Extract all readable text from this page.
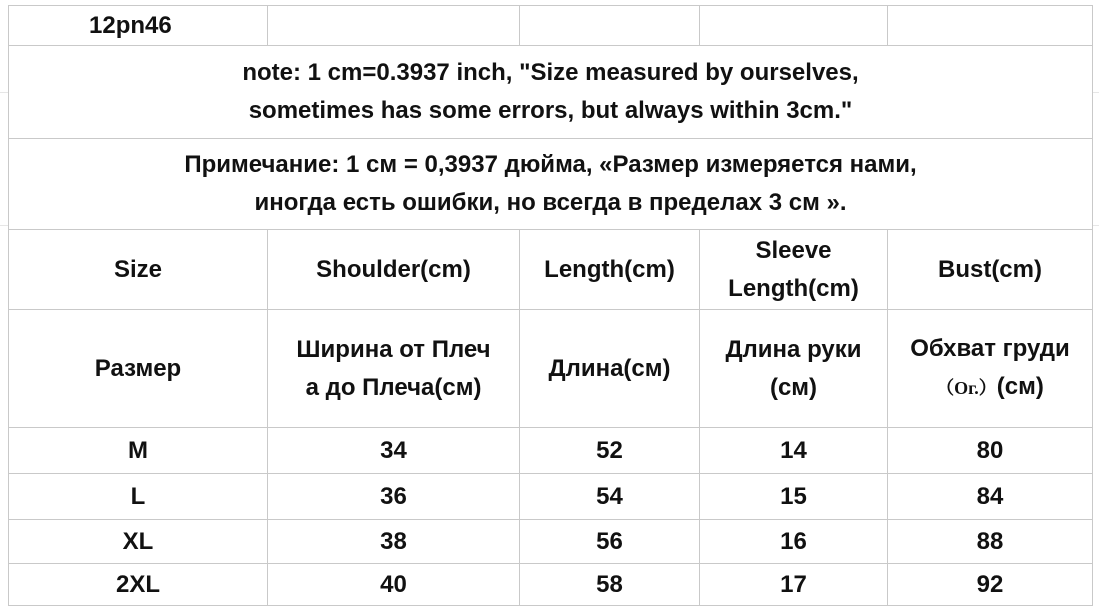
12pn46				

note: 1 cm=0.3937 inch, "Size measured by ourselves,
sometimes has some errors, but always within 3cm."				

Примечание: 1 см = 0,3937 дюйма, «Размер измеряется нами,
иногда есть ошибки, но всегда в пределах 3 см ».				

Size	Shoulder(cm)	Length(cm)	Sleeve
Length(cm)	Bust(cm)
Размер	Ширина от Плеч
а до Плеча(см)	Длина(см)	Длина руки
(см)	Обхват груди
（Ог.）(см)

M	34	52	14	80
L	36	54	15	84
XL	38	56	16	88
2XL	40	58	17	92
